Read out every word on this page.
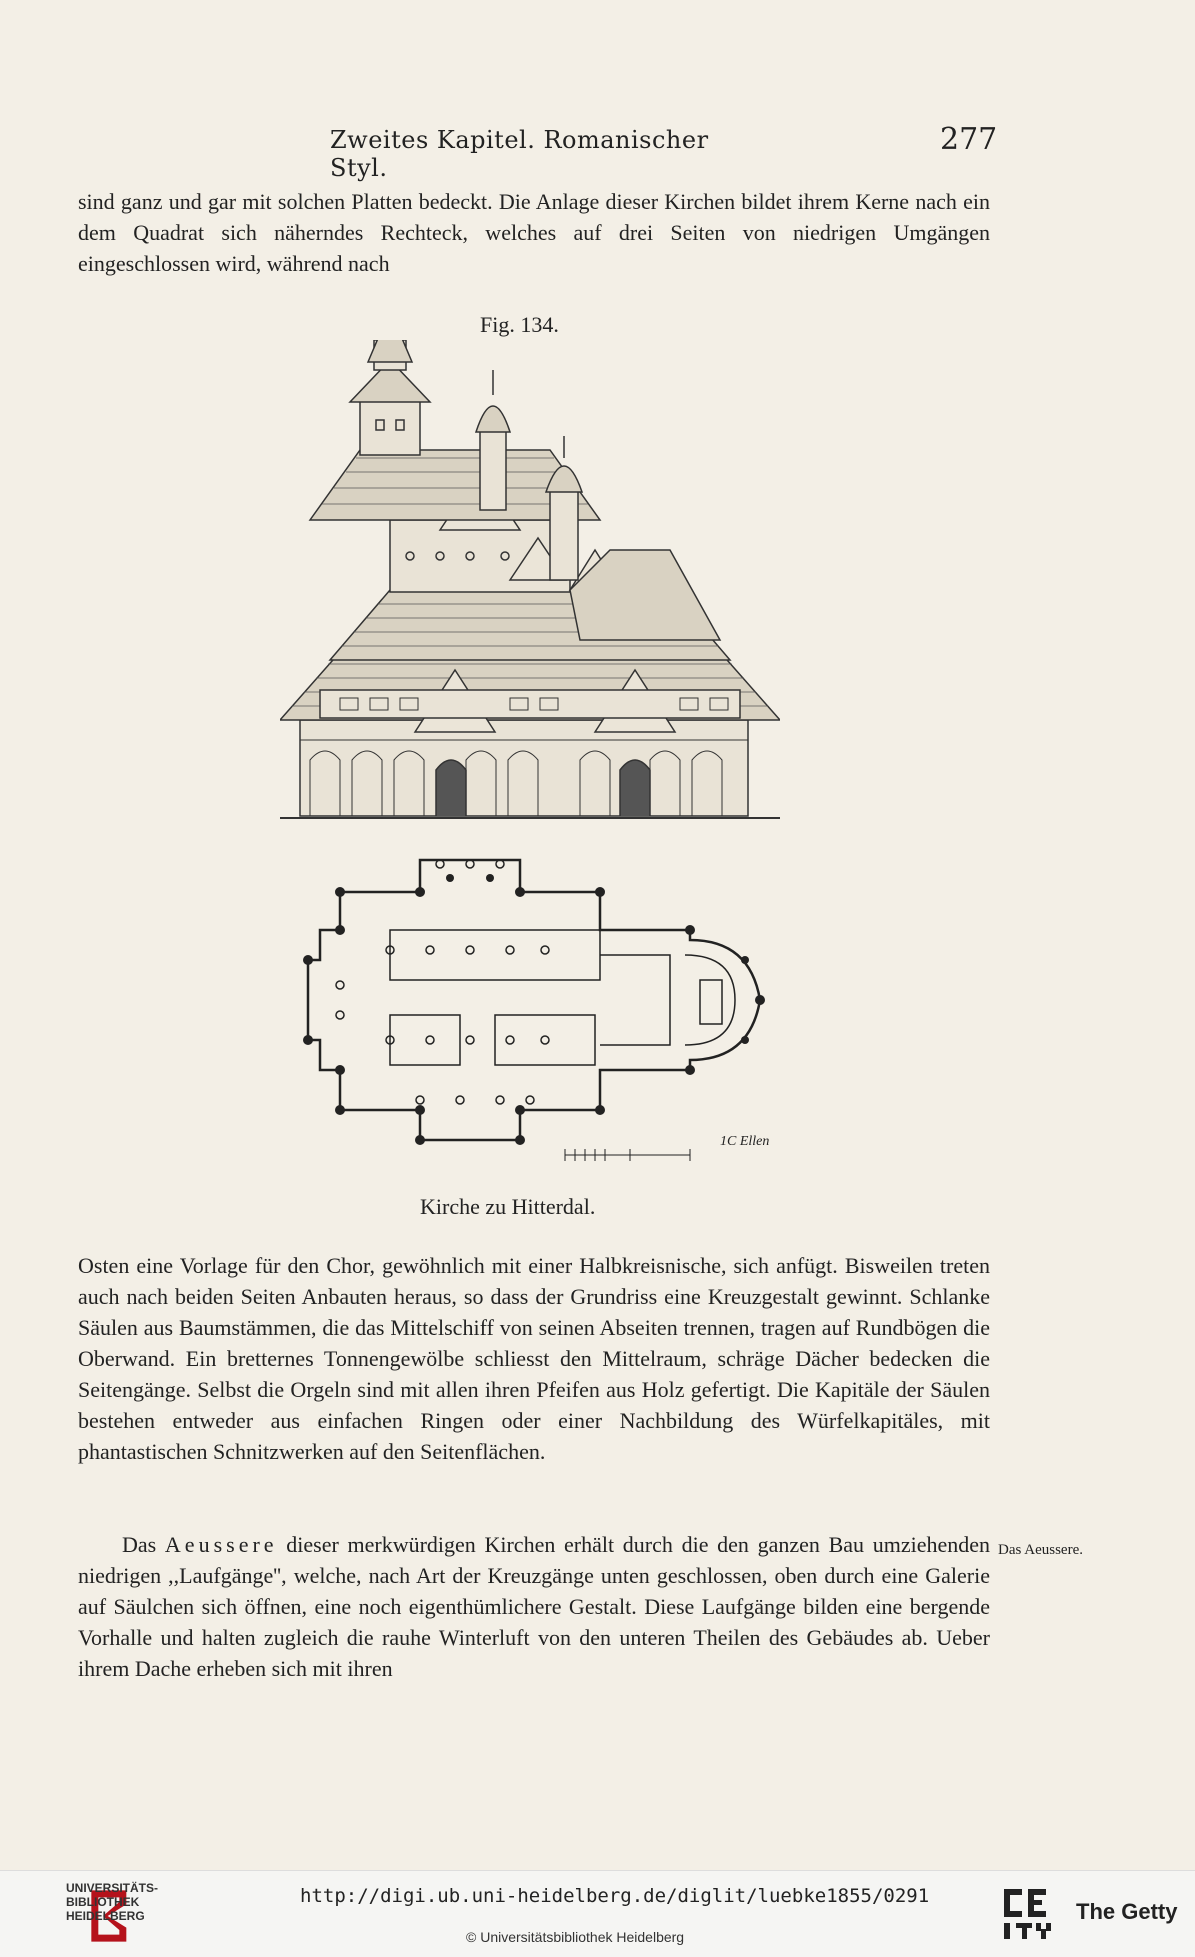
Zweites Kapitel. Romanischer Styl.
277

sind ganz und gar mit solchen Platten bedeckt. Die Anlage dieser Kirchen bildet ihrem Kerne nach ein dem Quadrat sich näherndes Rechteck, welches auf drei Seiten von niedrigen Umgängen eingeschlossen wird, während nach

Fig. 134.
1C Ellen
Kirche zu Hitterdal.

Osten eine Vorlage für den Chor, gewöhnlich mit einer Halbkreisnische, sich anfügt. Bisweilen treten auch nach beiden Seiten Anbauten heraus, so dass der Grundriss eine Kreuzgestalt gewinnt. Schlanke Säulen aus Baumstämmen, die das Mittelschiff von seinen Abseiten trennen, tragen auf Rundbögen die Oberwand. Ein bretternes Tonnengewölbe schliesst den Mittelraum, schräge Dächer bedecken die Seitengänge. Selbst die Orgeln sind mit allen ihren Pfeifen aus Holz gefertigt. Die Kapitäle der Säulen bestehen entweder aus einfachen Ringen oder einer Nachbildung des Würfelkapitäles, mit phantastischen Schnitzwerken auf den Seitenflächen.

Das Aeussere dieser merkwürdigen Kirchen erhält durch die den ganzen Bau umziehenden niedrigen ,,Laufgänge'', welche, nach Art der Kreuzgänge unten geschlossen, oben durch eine Galerie auf Säulchen sich öffnen, eine noch eigenthümlichere Gestalt. Diese Laufgänge bilden eine bergende Vorhalle und halten zugleich die rauhe Winterluft von den unteren Theilen des Gebäudes ab. Ueber ihrem Dache erheben sich mit ihren

Das Aeussere.
UNIVERSITÄTS-
BIBLIOTHEK
HEIDELBERG
http://digi.ub.uni-heidelberg.de/diglit/luebke1855/0291
© Universitätsbibliothek Heidelberg
The Getty
